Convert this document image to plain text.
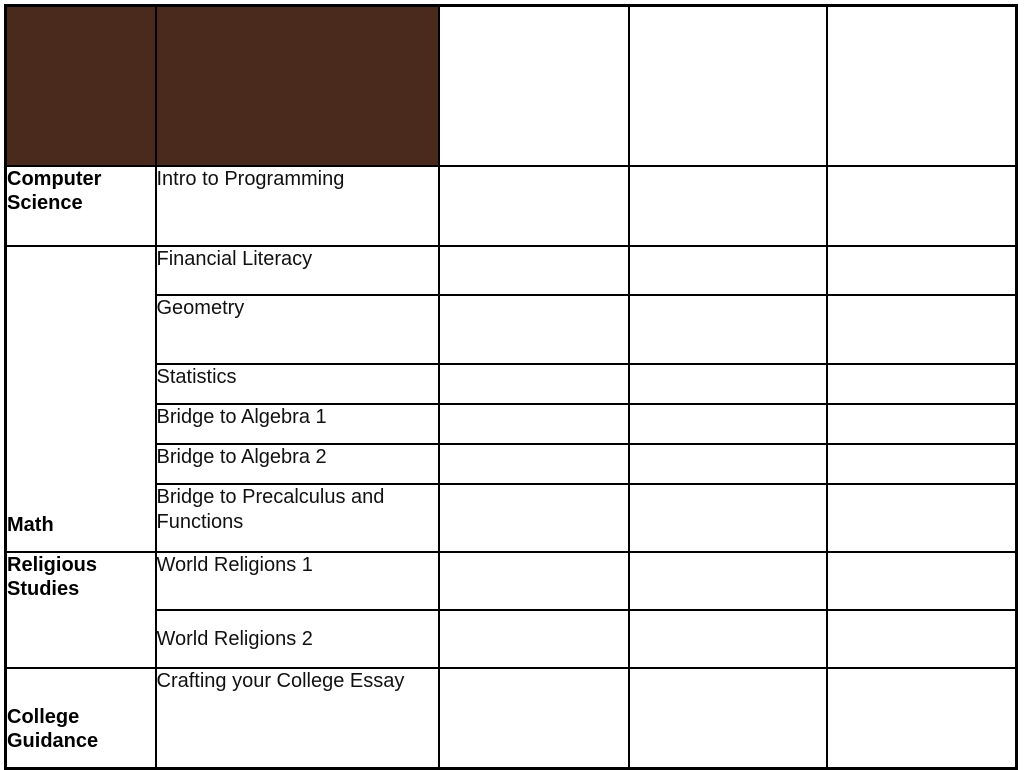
		June 16 -
July 3
**no classes
June 19 or
July 4**	July 7 -
July 24	Aug 4-
Aug 15

Computer Science	Intro to Programming			
Math	Financial Literacy			
	Geometry			
	Statistics			
	Bridge to Algebra 1			
	Bridge to Algebra 2			
	Bridge to Precalculus and Functions			
Religious Studies	World Religions 1			
	World Religions 2			
College Guidance	Crafting your College Essay			
